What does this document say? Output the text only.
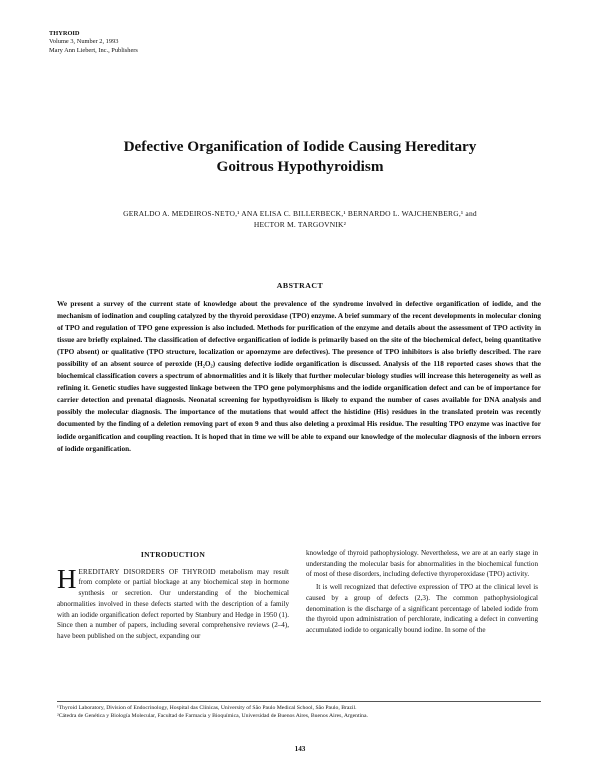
THYROID
Volume 3, Number 2, 1993
Mary Ann Liebert, Inc., Publishers
Defective Organification of Iodide Causing Hereditary
Goitrous Hypothyroidism
GERALDO A. MEDEIROS-NETO,¹ ANA ELISA C. BILLERBECK,¹ BERNARDO L. WAJCHENBERG,¹ and
HECTOR M. TARGOVNIK²
ABSTRACT
We present a survey of the current state of knowledge about the prevalence of the syndrome involved in defective organification of iodide, and the mechanism of iodination and coupling catalyzed by the thyroid peroxidase (TPO) enzyme. A brief summary of the recent developments in molecular cloning of TPO and regulation of TPO gene expression is also included. Methods for purification of the enzyme and details about the assessment of TPO activity in tissue are briefly explained. The classification of defective organification of iodide is primarily based on the site of the biochemical defect, being quantitative (TPO absent) or qualitative (TPO structure, localization or apoenzyme are defectives). The presence of TPO inhibitors is also briefly described. The rare possibility of an absent source of peroxide (H₂O₂) causing defective iodide organification is discussed. Analysis of the 118 reported cases shows that the biochemical classification covers a spectrum of abnormalities and it is likely that further molecular biology studies will increase this heterogeneity as well as refining it. Genetic studies have suggested linkage between the TPO gene polymorphisms and the iodide organification defect and can be of importance for carrier detection and prenatal diagnosis. Neonatal screening for hypothyroidism is likely to expand the number of cases available for DNA analysis and possibly the molecular diagnosis. The importance of the mutations that would affect the histidine (His) residues in the translated protein was recently documented by the finding of a deletion removing part of exon 9 and thus also deleting a proximal His residue. The resulting TPO enzyme was inactive for iodide organification and coupling reaction. It is hoped that in time we will be able to expand our knowledge of the molecular diagnosis of the inborn errors of iodide organification.
INTRODUCTION
H EREDITARY DISORDERS OF THYROID metabolism may result from complete or partial blockage at any biochemical step in hormone synthesis or secretion. Our understanding of the biochemical abnormalities involved in these defects started with the description of a family with an iodide organification defect reported by Stanbury and Hedge in 1950 (1). Since then a number of papers, including several comprehensive reviews (2–4), have been published on the subject, expanding our
knowledge of thyroid pathophysiology. Nevertheless, we are at an early stage in understanding the molecular basis for abnormalities in the biochemical function of most of these disorders, including defective thyroperoxidase (TPO) activity.
It is well recognized that defective expression of TPO at the clinical level is caused by a group of defects (2,3). The common pathophysiological denomination is the discharge of a significant percentage of labeled iodide from the thyroid upon administration of perchlorate, indicating a defect in converting accumulated iodide to organically bound iodine. In some of the
¹Thyroid Laboratory, Division of Endocrinology, Hospital das Clínicas, University of São Paulo Medical School, São Paulo, Brazil.
²Cátedra de Genética y Biología Molecular, Facultad de Farmacia y Bioquímica, Universidad de Buenos Aires, Buenos Aires, Argentina.
143
